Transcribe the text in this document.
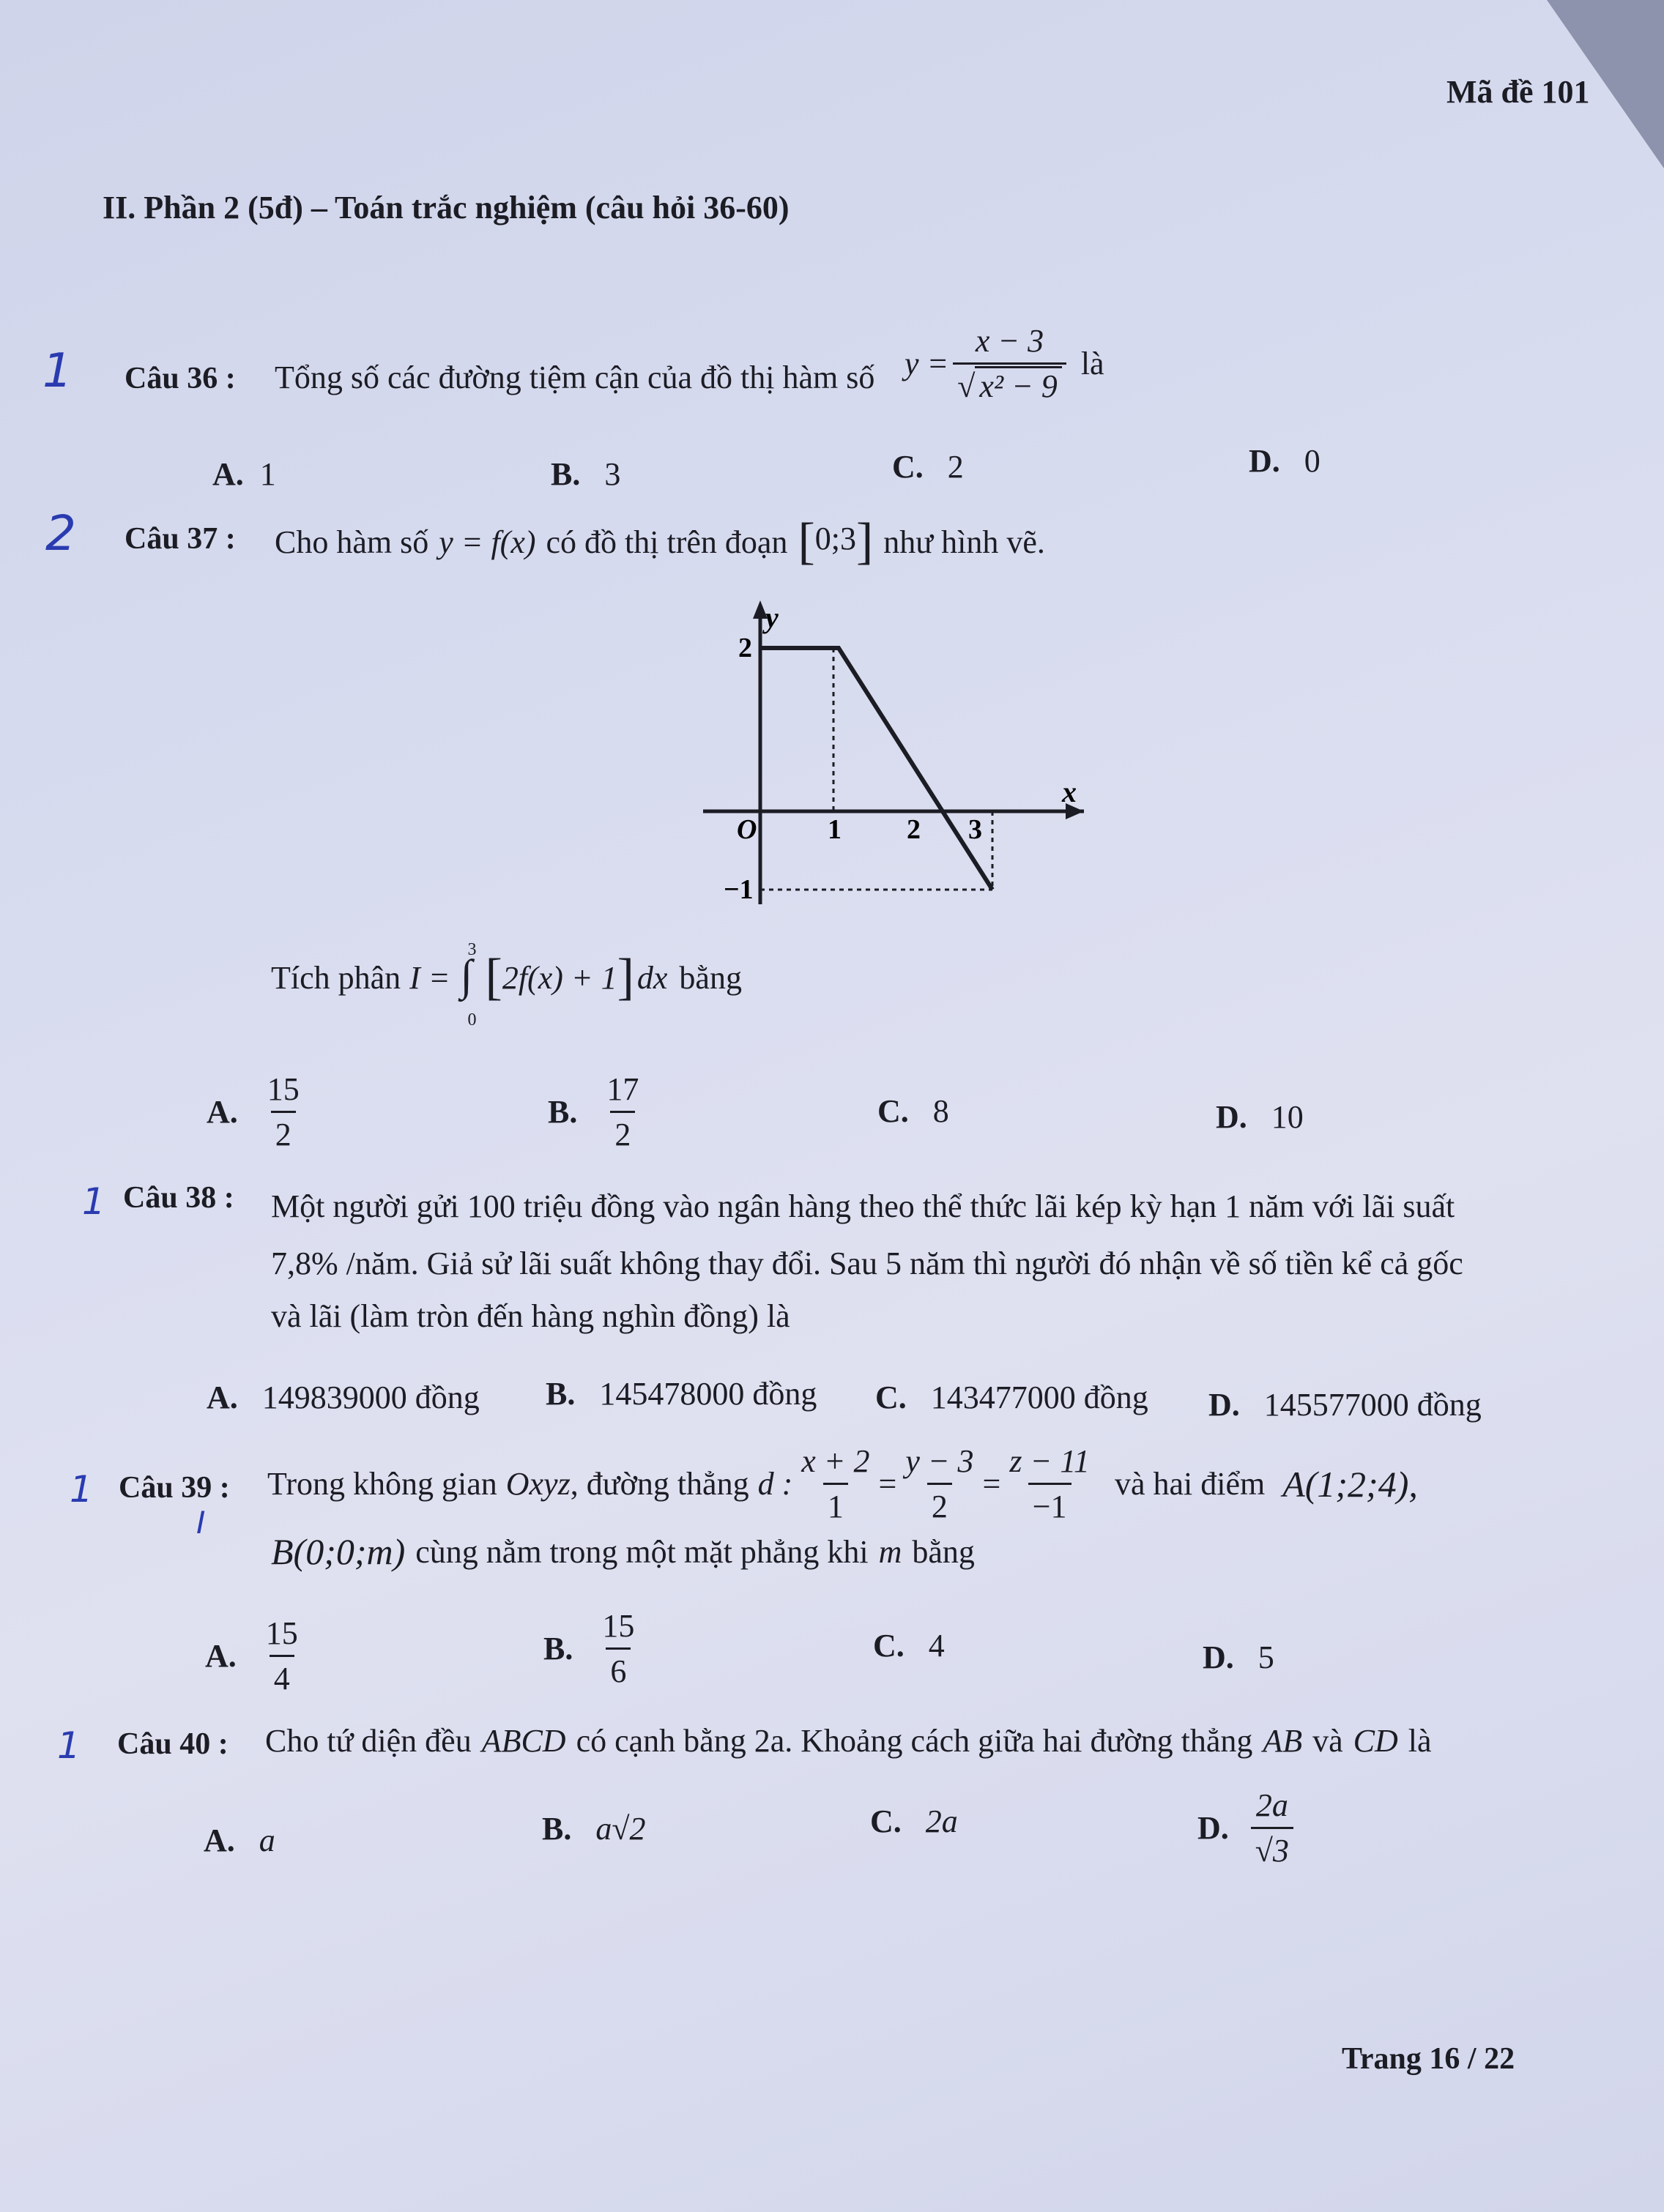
Mã đề 101
II. Phần 2 (5đ) – Toán trắc nghiệm (câu hỏi 36-60)
1 Câu 36 : Tổng số các đường tiệm cận của đồ thị hàm số $y = \frac{x - 3}{\text{√ x² − 9}}$ là
A. 1	B. 3	C. 2	D. 0
2 Câu 37 : Cho hàm số y = f(x) có đồ thị trên đoạn [0;3] như hình vẽ.
y
x
O	1 2 3
2
−1
Tích phân I =
3
∫
0
[ 2f(x) + 1 ] dx bằng
A. $\frac{15}{2}$	B. $\frac{17}{2}$	C. 8	D. 10
1 Câu 38 : Một người gửi 100 triệu đồng vào ngân hàng theo thể thức lãi kép kỳ hạn 1 năm với lãi suất
7,8% /năm. Giả sử lãi suất không thay đổi. Sau 5 năm thì người đó nhận về số tiền kể cả gốc
và lãi (làm tròn đến hàng nghìn đồng) là
A. 149839000 đồng B. 145478000 đồng C. 143477000 đồng D. 145577000 đồng
1
I
Câu 39 : Trong không gian Oxyz , đường thẳng d : $\frac{x + 2}{1} = \frac{y - 3}{2} = \frac{z - 11}{-1}$ và hai điểm A(1;2;4),
B(0;0;m) cùng nằm trong một mặt phẳng khi m bằng
A. $\frac{15}{4}$	B. $\frac{15}{6}$	C. 4	D. 5
1 Câu 40 : Cho tứ diện đều ABCD có cạnh bằng 2a. Khoảng cách giữa hai đường thẳng AB và CD là
A. a	B. a√2	C. 2a	D. $\frac{2a}{√3}$
Trang 16 / 22
